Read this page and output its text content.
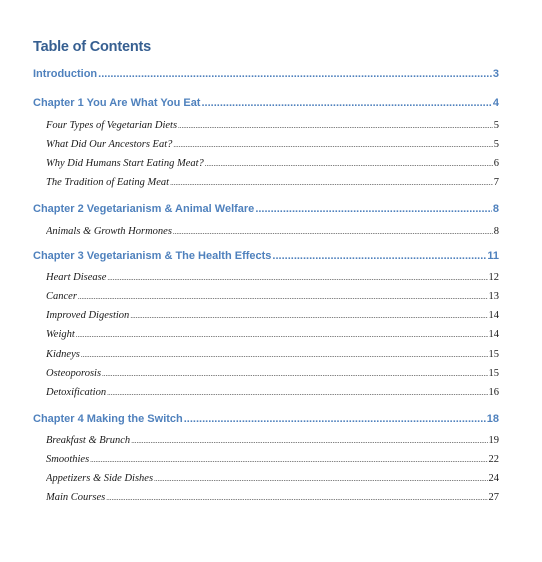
Table of Contents
Introduction .....	3
Chapter 1 You Are What You Eat .....	4
Four Types of Vegetarian Diets .....	5
What Did Our Ancestors Eat? .....	5
Why Did Humans Start Eating Meat? .....	6
The Tradition of Eating Meat .....	7
Chapter 2 Vegetarianism & Animal Welfare .....	8
Animals & Growth Hormones .....	8
Chapter 3 Vegetarianism & The Health Effects .....	11
Heart Disease .....	12
Cancer .....	13
Improved Digestion .....	14
Weight .....	14
Kidneys .....	15
Osteoporosis .....	15
Detoxification .....	16
Chapter 4 Making the Switch .....	18
Breakfast & Brunch .....	19
Smoothies .....	22
Appetizers & Side Dishes .....	24
Main Courses .....	27
